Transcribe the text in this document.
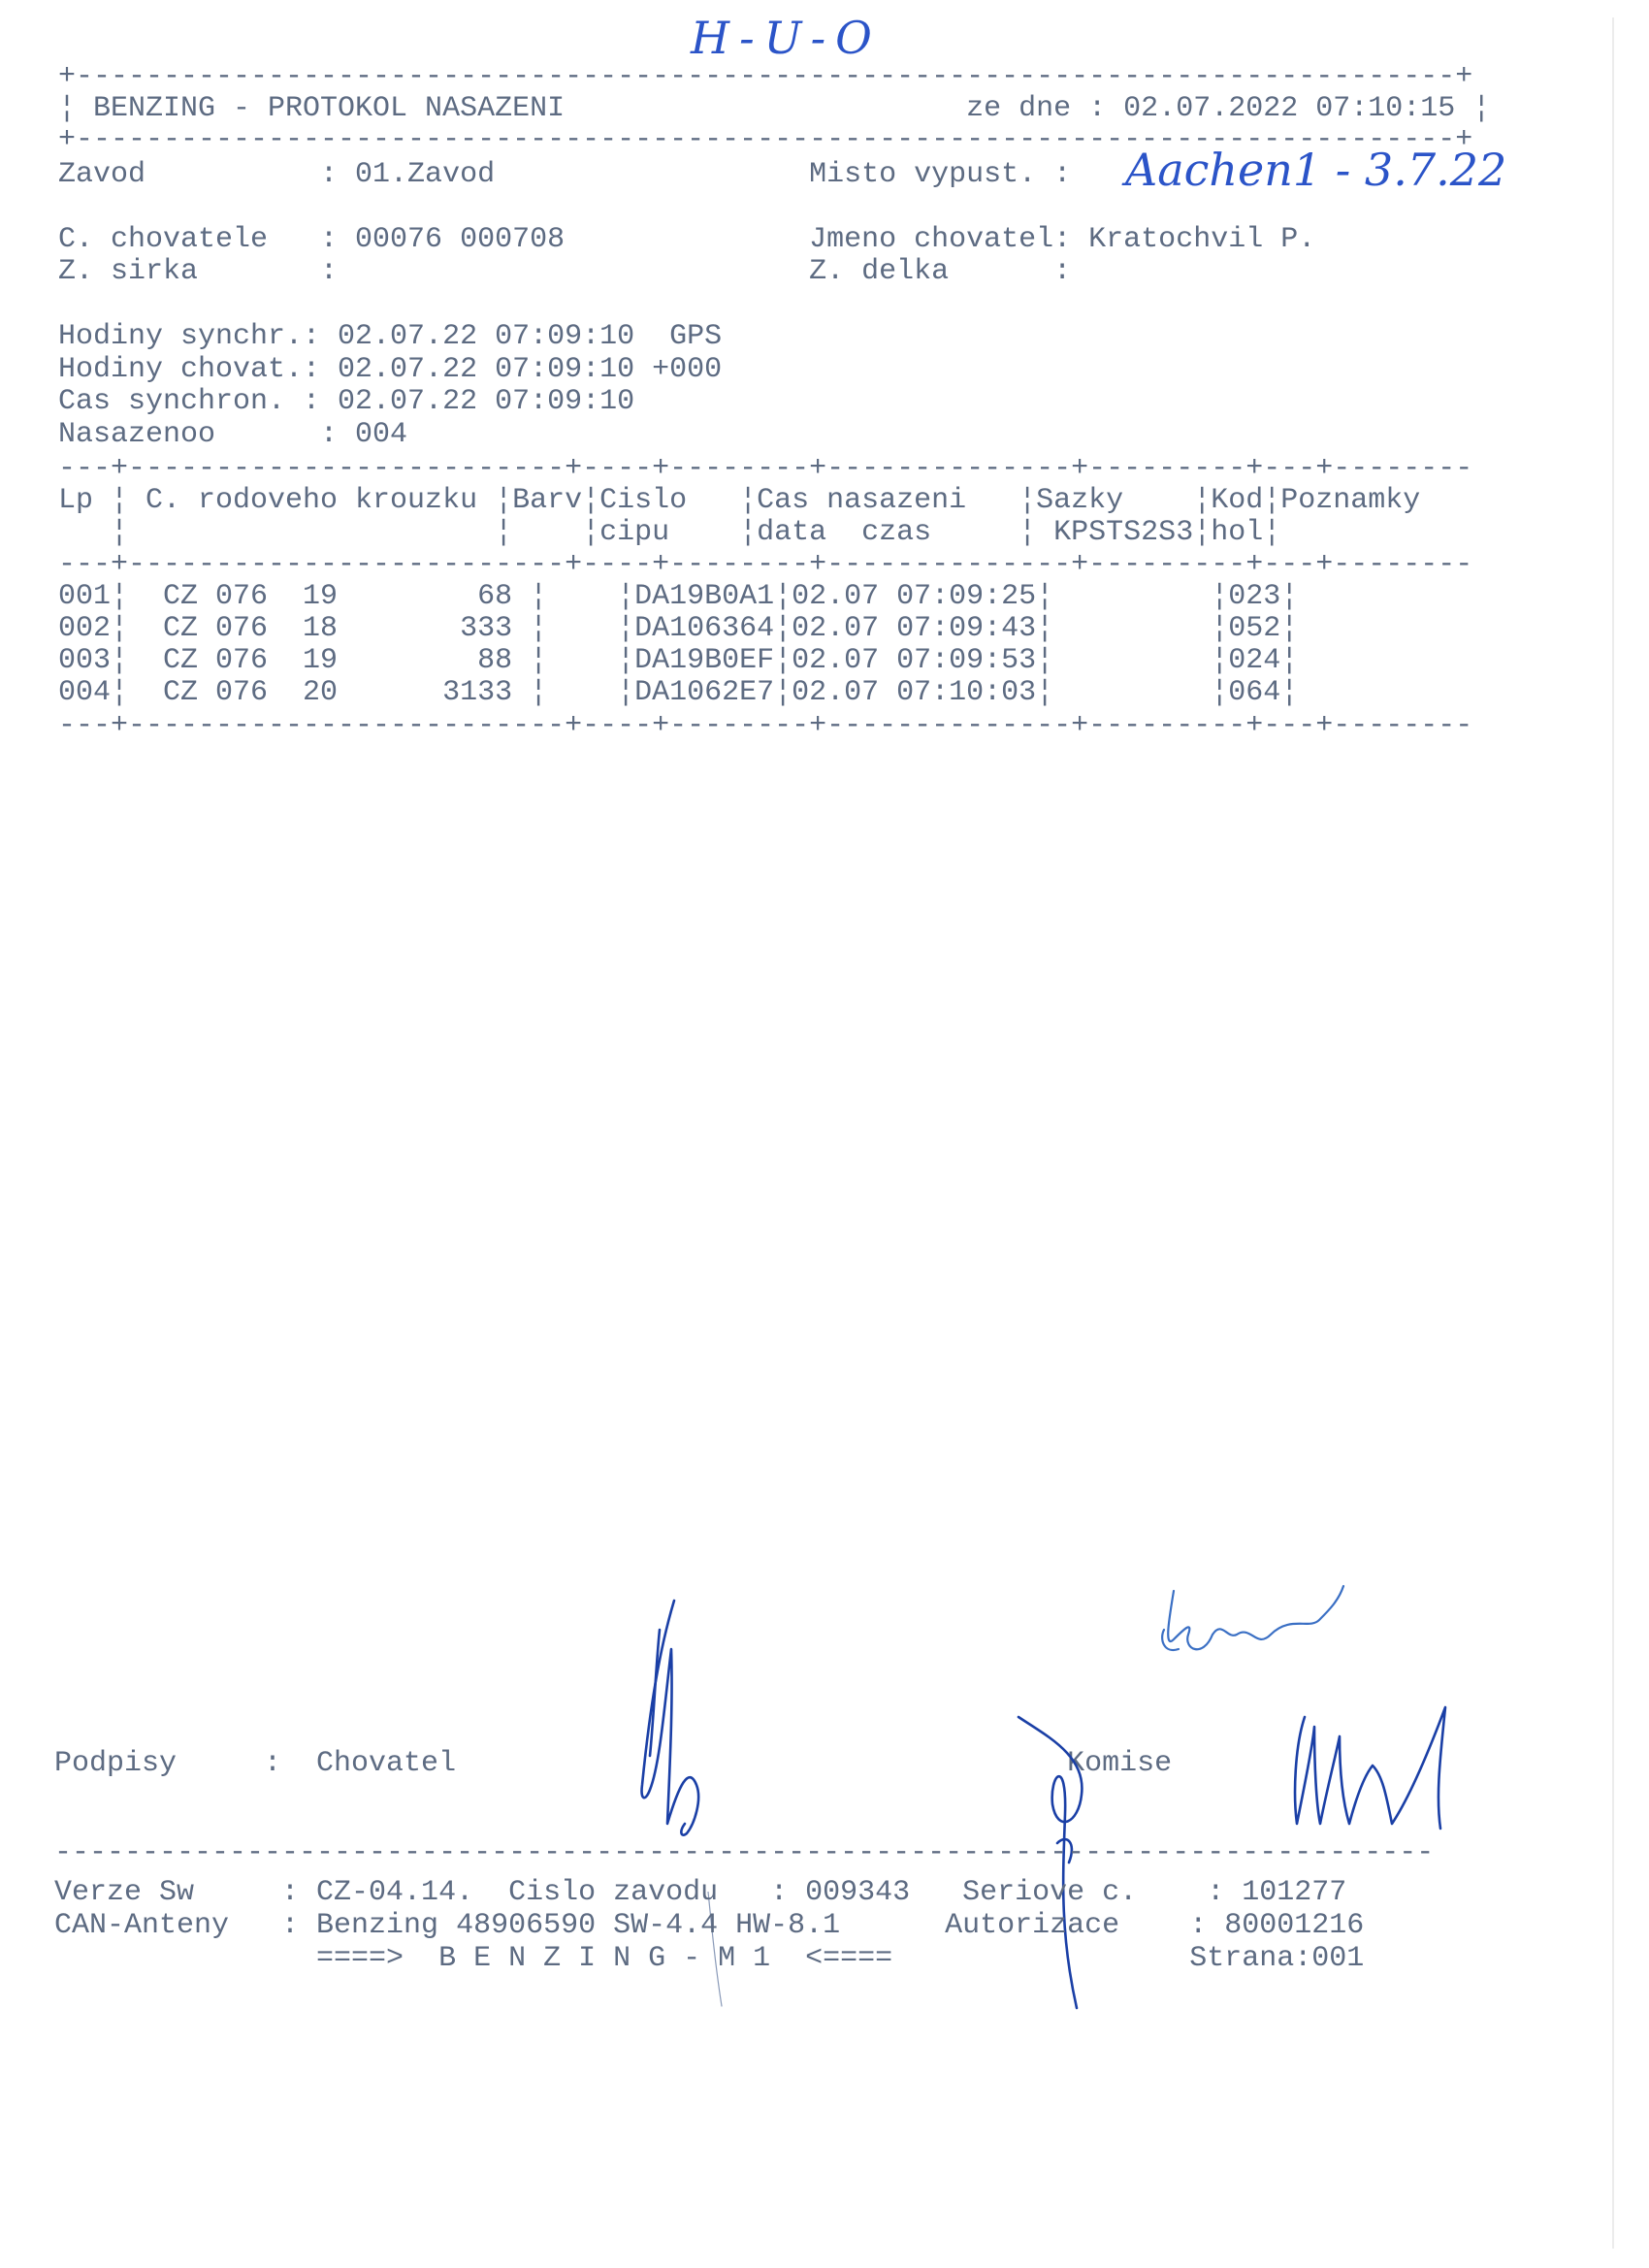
H-U-O
+-------------------------------------------------------------------------------+
¦ BENZING - PROTOKOL NASAZENI                       ze dne : 02.07.2022 07:10:15 ¦
+-------------------------------------------------------------------------------+
Zavod          : 01.Zavod                  Misto vypust. : Aachen1 - 3.7.22
C. chovatele   : 00076 000708              Jmeno chovatel: Kratochvil P.
Z. sirka       :                           Z. delka      :
Hodiny synchr.: 02.07.22 07:09:10  GPS
Hodiny chovat.: 02.07.22 07:09:10 +000
Cas synchron. : 02.07.22 07:09:10
Nasazenoo      : 004
---+-------------------------+----+--------+--------------+---------+---+--------
Lp ¦ C. rodoveho krouzku ¦Barv¦Cislo   ¦Cas nasazeni   ¦Sazky    ¦Kod¦Poznamky
¦                     ¦    ¦cipu    ¦data  czas     ¦ KPSTS2S3¦hol¦
---+-------------------------+----+--------+--------------+---------+---+--------
001¦  CZ 076  19        68 ¦    ¦DA19B0A1¦02.07 07:09:25¦         ¦023¦
002¦  CZ 076  18       333 ¦    ¦DA106364¦02.07 07:09:43¦         ¦052¦
003¦  CZ 076  19        88 ¦    ¦DA19B0EF¦02.07 07:09:53¦         ¦024¦
004¦  CZ 076  20      3133 ¦    ¦DA1062E7¦02.07 07:10:03¦         ¦064¦
---+-------------------------+----+--------+--------------+---------+---+--------
Podpisy     :  Chovatel                                   Komise
-------------------------------------------------------------------------------
Verze Sw     : CZ-04.14.  Cislo zavodu   : 009343   Seriove c.    : 101277
CAN-Anteny   : Benzing 48906590 SW-4.4 HW-8.1      Autorizace    : 80001216
====>  B E N Z I N G - M 1  <====                 Strana:001
